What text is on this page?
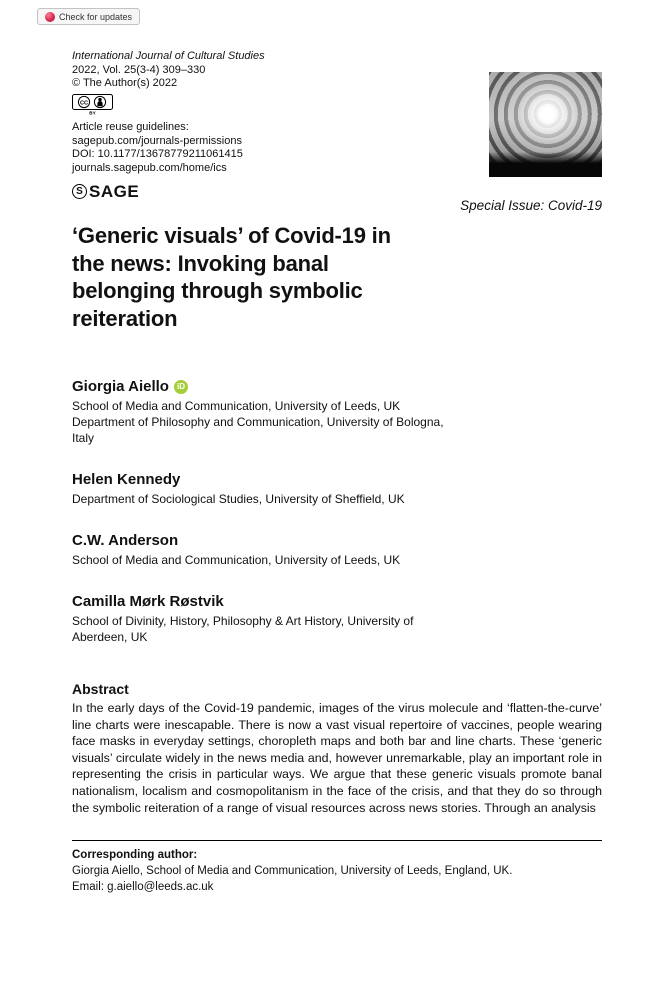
Check for updates
International Journal of Cultural Studies
2022, Vol. 25(3-4) 309–330
© The Author(s) 2022
CC
BY
Article reuse guidelines:
sagepub.com/journals-permissions
DOI: 10.1177/13678779211061415
journals.sagepub.com/home/ics
S SAGE
Special Issue: Covid-19
‘Generic visuals’ of Covid-19 in the news: Invoking banal belonging through symbolic reiteration
Giorgia Aiello	iD
School of Media and Communication, University of Leeds, UK
Department of Philosophy and Communication, University of Bologna, Italy
Helen Kennedy
Department of Sociological Studies, University of Sheffield, UK
C.W. Anderson
School of Media and Communication, University of Leeds, UK
Camilla Mørk Røstvik
School of Divinity, History, Philosophy & Art History, University of Aberdeen, UK
Abstract

In the early days of the Covid-19 pandemic, images of the virus molecule and ‘flatten-the-curve’ line charts were inescapable. There is now a vast visual repertoire of vaccines, people wearing face masks in everyday settings, choropleth maps and both bar and line charts. These ‘generic visuals’ circulate widely in the news media and, however unremarkable, play an important role in representing the crisis in particular ways. We argue that these generic visuals promote banal nationalism, localism and cosmopolitanism in the face of the crisis, and that they do so through the symbolic reiteration of a range of visual resources across news stories. Through an analysis

Corresponding author:
Giorgia Aiello, School of Media and Communication, University of Leeds, England, UK.
Email: g.aiello@leeds.ac.uk
